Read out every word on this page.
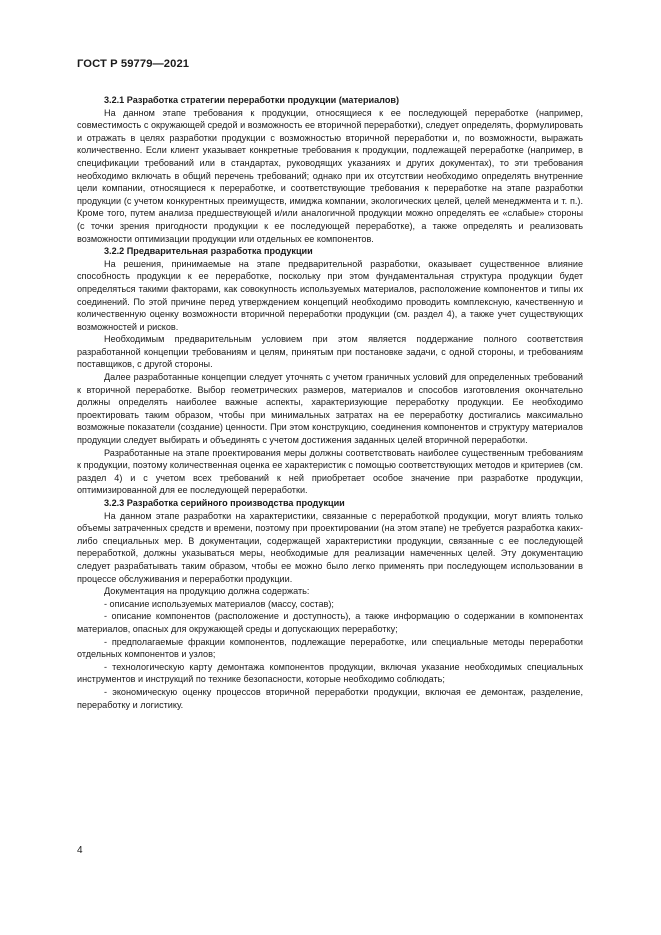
ГОСТ Р 59779—2021

3.2.1 Разработка стратегии переработки продукции (материалов)

На данном этапе требования к продукции, относящиеся к ее последующей переработке (например, совместимость с окружающей средой и возможность ее вторичной переработки), следует определять, формулировать и отражать в целях разработки продукции с возможностью вторичной переработки и, по возможности, выражать количественно. Если клиент указывает конкретные требования к продукции, подлежащей переработке (например, в спецификации требований или в стандартах, руководящих указаниях и других документах), то эти требования необходимо включать в общий перечень требований; однако при их отсутствии необходимо определять внутренние цели компании, относящиеся к переработке, и соответствующие требования к переработке на этапе разработки продукции (с учетом конкурентных преимуществ, имиджа компании, экологических целей, целей менеджмента и т. п.). Кроме того, путем анализа предшествующей и/или аналогичной продукции можно определять ее «слабые» стороны (с точки зрения пригодности продукции к ее последующей переработке), а также определять и реализовать возможности оптимизации продукции или отдельных ее компонентов.

3.2.2 Предварительная разработка продукции

На решения, принимаемые на этапе предварительной разработки, оказывает существенное влияние способность продукции к ее переработке, поскольку при этом фундаментальная структура продукции будет определяться такими факторами, как совокупность используемых материалов, расположение компонентов и типы их соединений. По этой причине перед утверждением концепций необходимо проводить комплексную, качественную и количественную оценку возможности вторичной переработки продукции (см. раздел 4), а также учет существующих возможностей и рисков.

Необходимым предварительным условием при этом является поддержание полного соответствия разработанной концепции требованиям и целям, принятым при постановке задачи, с одной стороны, и требованиям поставщиков, с другой стороны.

Далее разработанные концепции следует уточнять с учетом граничных условий для определенных требований к вторичной переработке. Выбор геометрических размеров, материалов и способов изготовления окончательно должны определять наиболее важные аспекты, характеризующие переработку продукции. Ее необходимо проектировать таким образом, чтобы при минимальных затратах на ее переработку достигались максимально возможные показатели (создание) ценности. При этом конструкцию, соединения компонентов и структуру материалов продукции следует выбирать и объединять с учетом достижения заданных целей вторичной переработки.

Разработанные на этапе проектирования меры должны соответствовать наиболее существенным требованиям к продукции, поэтому количественная оценка ее характеристик с помощью соответствующих методов и критериев (см. раздел 4) и с учетом всех требований к ней приобретает особое значение при разработке продукции, оптимизированной для ее последующей переработки.

3.2.3 Разработка серийного производства продукции

На данном этапе разработки на характеристики, связанные с переработкой продукции, могут влиять только объемы затраченных средств и времени, поэтому при проектировании (на этом этапе) не требуется разработка каких-либо специальных мер. В документации, содержащей характеристики продукции, связанные с ее последующей переработкой, должны указываться меры, необходимые для реализации намеченных целей. Эту документацию следует разрабатывать таким образом, чтобы ее можно было легко применять при последующем использовании в процессе обслуживания и переработки продукции.

Документация на продукцию должна содержать:

- описание используемых материалов (массу, состав);

- описание компонентов (расположение и доступность), а также информацию о содержании в компонентах материалов, опасных для окружающей среды и допускающих переработку;

- предполагаемые фракции компонентов, подлежащие переработке, или специальные методы переработки отдельных компонентов и узлов;

- технологическую карту демонтажа компонентов продукции, включая указание необходимых специальных инструментов и инструкций по технике безопасности, которые необходимо соблюдать;

- экономическую оценку процессов вторичной переработки продукции, включая ее демонтаж, разделение, переработку и логистику.

4
